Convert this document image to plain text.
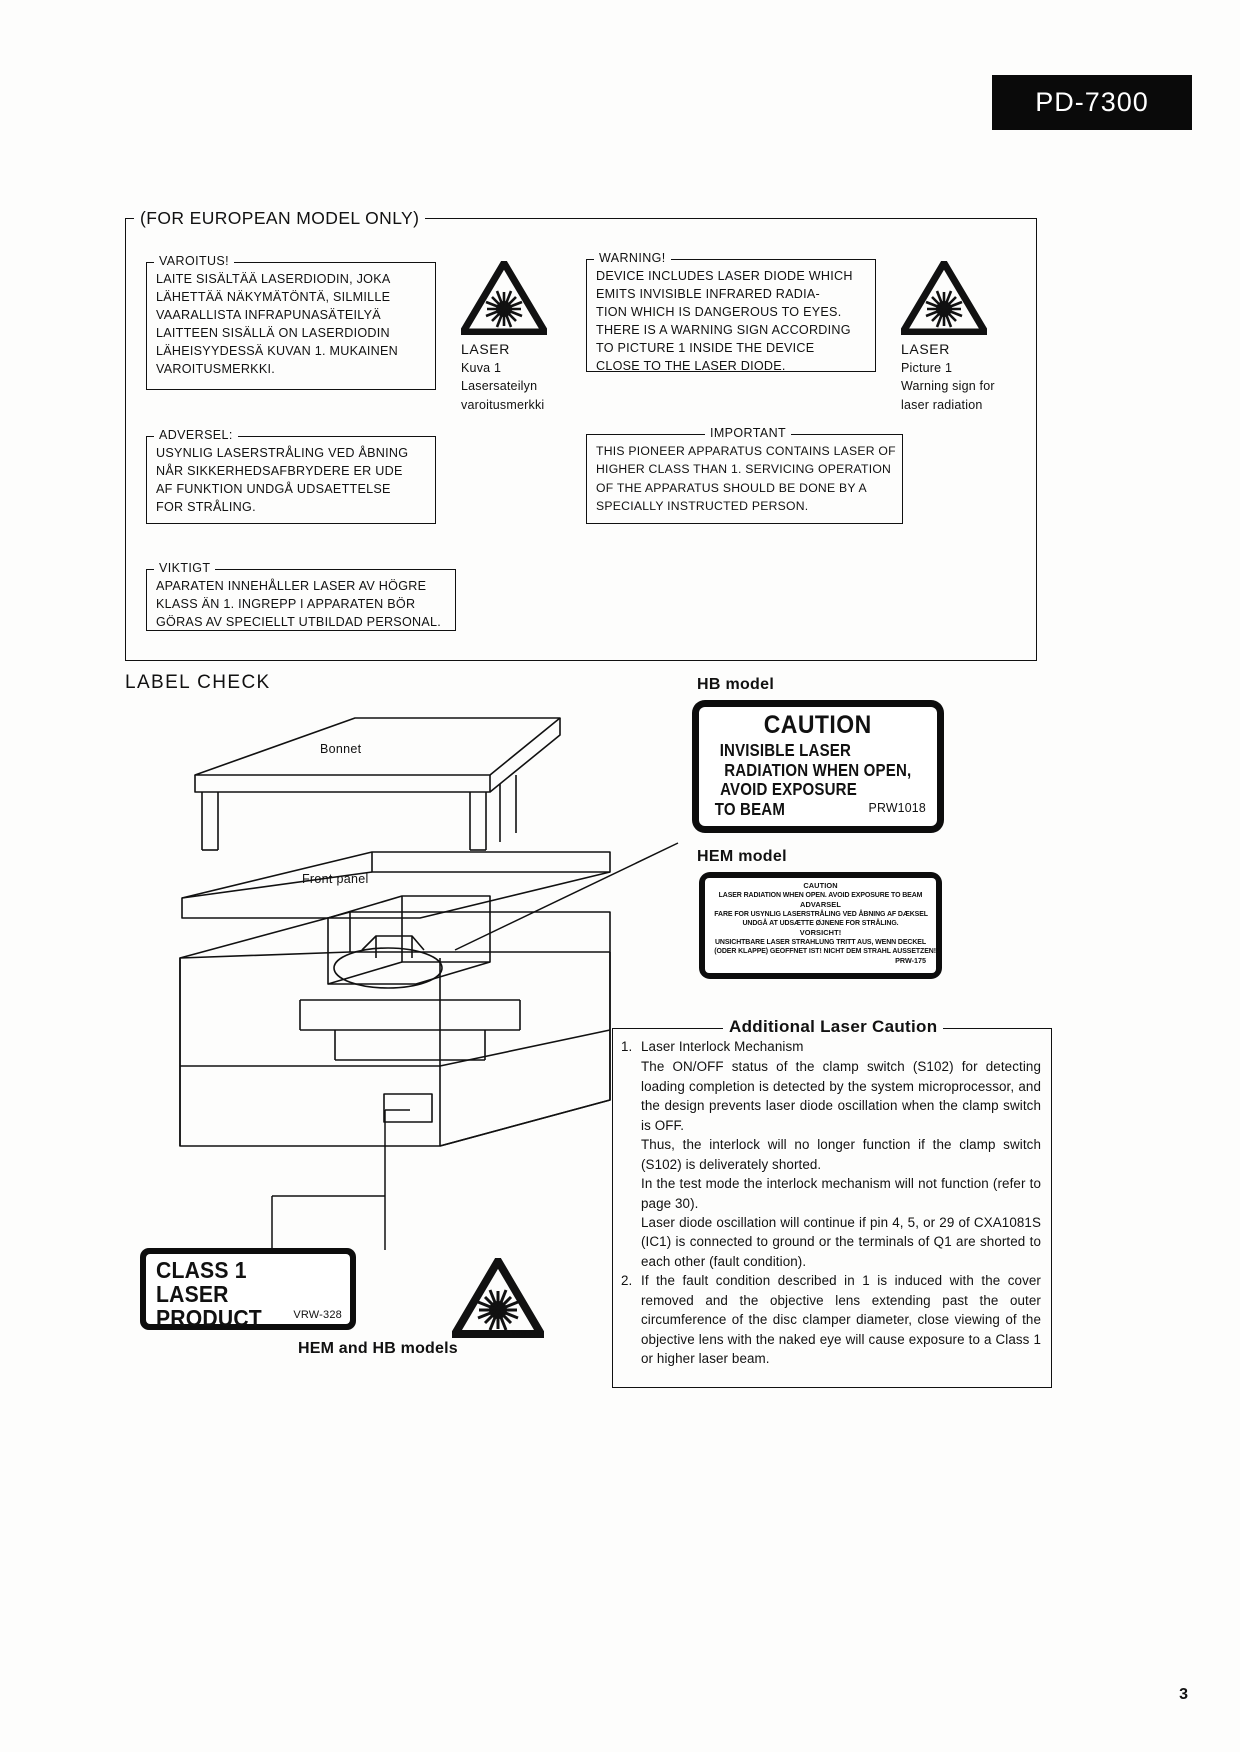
PD-7300
(FOR EUROPEAN MODEL ONLY)
VAROITUS!
LAITE SISÄLTÄÄ LASERDIODIN, JOKA
LÄHETTÄÄ NÄKYMÄTÖNTÄ, SILMILLE
VAARALLISTA INFRAPUNASÄTEILYÄ
LAITTEEN SISÄLLÄ ON LASERDIODIN
LÄHEISYYDESSÄ KUVAN 1. MUKAINEN
VAROITUSMERKKI.
ADVERSEL:
USYNLIG LASERSTRÅLING VED ÅBNING
NÅR SIKKERHEDSAFBRYDERE ER UDE
AF FUNKTION UNDGÅ UDSAETTELSE
FOR STRÅLING.
VIKTIGT
APARATEN INNEHÅLLER LASER AV HÖGRE
KLASS ÄN 1. INGREPP I APPARATEN BÖR
GÖRAS AV SPECIELLT UTBILDAD PERSONAL.
WARNING!
DEVICE INCLUDES LASER DIODE WHICH
EMITS INVISIBLE INFRARED RADIA-
TION WHICH IS DANGEROUS TO EYES.
THERE IS A WARNING SIGN ACCORDING
TO PICTURE 1 INSIDE THE DEVICE
CLOSE TO THE LASER DIODE.
IMPORTANT
THIS PIONEER APPARATUS CONTAINS LASER OF
HIGHER CLASS THAN 1. SERVICING OPERATION
OF THE APPARATUS SHOULD BE DONE BY A
SPECIALLY INSTRUCTED PERSON.
LASER
Kuva 1
Lasersateilyn
varoitusmerkki
LASER
Picture 1
Warning sign for
laser radiation
LABEL CHECK
Bonnet
Front panel
HB model
CAUTION
INVISIBLE LASER
RADIATION WHEN OPEN,
AVOID EXPOSURE
TO BEAM	PRW1018
HEM model
CAUTION
LASER RADIATION WHEN OPEN. AVOID EXPOSURE TO BEAM
ADVARSEL
FARE FOR USYNLIG LASERSTRÅLING VED ÅBNING AF DÆKSEL
UNDGÅ AT UDSÆTTE ØJNENE FOR STRÅLING.
VORSICHT!
UNSICHTBARE LASER STRAHLUNG TRITT AUS, WENN DECKEL
(ODER KLAPPE) GEOFFNET IST! NICHT DEM STRAHL AUSSETZEN!
PRW-175
CLASS 1
LASER PRODUCT	VRW-328
VRW-329
HEM and HB models
Additional Laser Caution
1. Laser Interlock Mechanism
The ON/OFF status of the clamp switch (S102) for detecting loading completion is detected by the system microprocessor, and the design prevents laser diode oscillation when the clamp switch is OFF.
Thus, the interlock will no longer function if the clamp switch (S102) is deliverately shorted.
In the test mode the interlock mechanism will not function (refer to page 30).
Laser diode oscillation will continue if pin 4, 5, or 29 of CXA1081S (IC1) is connected to ground or the terminals of Q1 are shorted to each other (fault condition).
2. If the fault condition described in 1 is induced with the cover removed and the objective lens extending past the outer circumference of the disc clamper diameter, close viewing of the objective lens with the naked eye will cause exposure to a Class 1 or higher laser beam.
3
